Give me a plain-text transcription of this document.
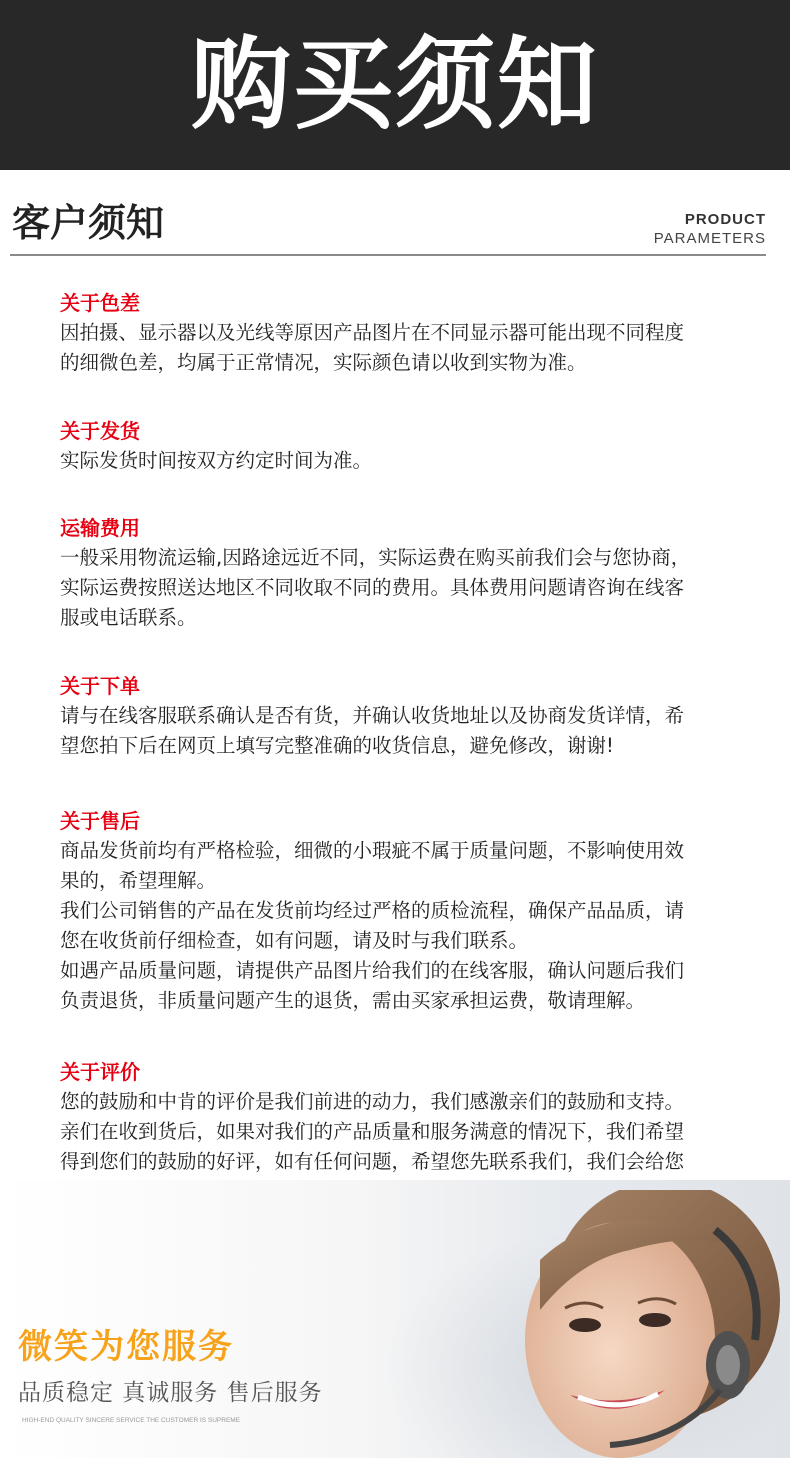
购买须知
客户须知	PRODUCT
PARAMETERS
关于色差
因拍摄、显示器以及光线等原因产品图片在不同显示器可能出现不同程度
的细微色差，均属于正常情况，实际颜色请以收到实物为准。
关于发货
实际发货时间按双方约定时间为准。
运输费用
一般采用物流运输,因路途远近不同，实际运费在购买前我们会与您协商，
实际运费按照送达地区不同收取不同的费用。具体费用问题请咨询在线客
服或电话联系。
关于下单
请与在线客服联系确认是否有货，并确认收货地址以及协商发货详情，希
望您拍下后在网页上填写完整准确的收货信息，避免修改，谢谢!
关于售后
商品发货前均有严格检验，细微的小瑕疵不属于质量问题，不影响使用效
果的，希望理解。
我们公司销售的产品在发货前均经过严格的质检流程，确保产品品质，请
您在收货前仔细检查，如有问题，请及时与我们联系。
如遇产品质量问题，请提供产品图片给我们的在线客服，确认问题后我们
负责退货，非质量问题产生的退货，需由买家承担运费，敬请理解。
关于评价
您的鼓励和中肯的评价是我们前进的动力，我们感激亲们的鼓励和支持。
亲们在收到货后，如果对我们的产品质量和服务满意的情况下，我们希望
得到您们的鼓励的好评，如有任何问题，希望您先联系我们，我们会给您
微笑为您服务
品质稳定 真诚服务 售后服务
HIGH-END QUALITY SINCERE SERVICE THE CUSTOMER IS SUPREME
